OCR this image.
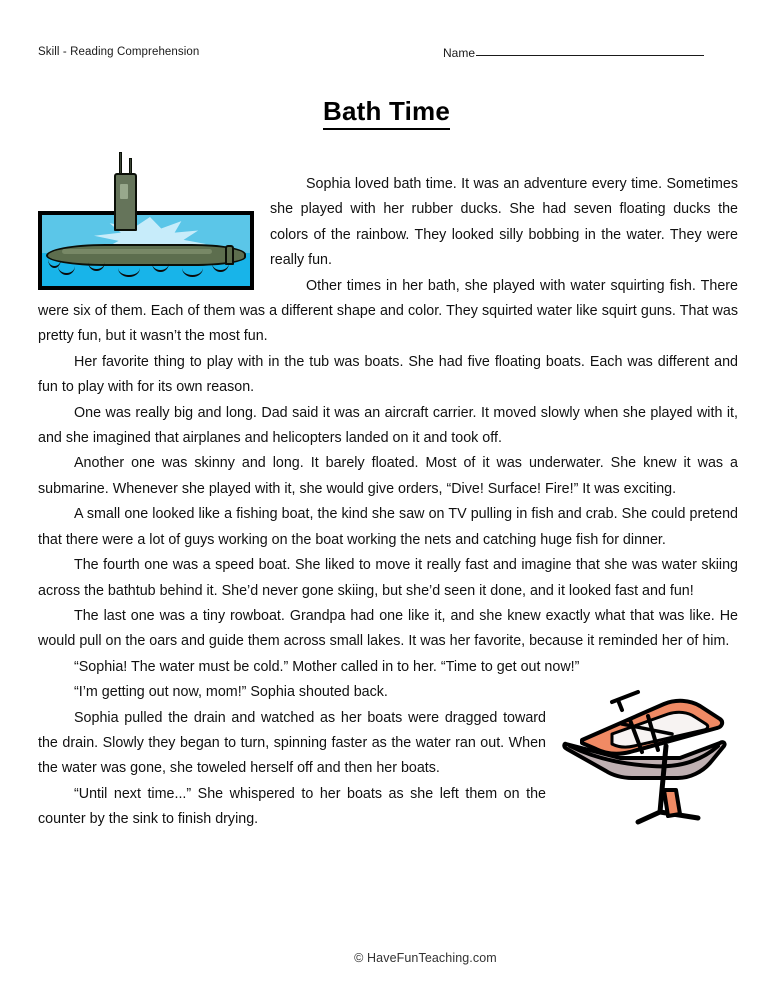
Skill - Reading Comprehension	Name
Bath Time

Sophia loved bath time. It was an adventure every time. Sometimes she played with her rubber ducks. She had seven floating ducks the colors of the rainbow. They looked silly bobbing in the water. They were really fun.

Other times in her bath, she played with water squirting fish. There were six of them. Each of them was a different shape and color. They squirted water like squirt guns. That was pretty fun, but it wasn’t the most fun.

Her favorite thing to play with in the tub was boats. She had five floating boats. Each was different and fun to play with for its own reason.

One was really big and long. Dad said it was an aircraft carrier. It moved slowly when she played with it, and she imagined that airplanes and helicopters landed on it and took off.

Another one was skinny and long. It barely floated. Most of it was underwater. She knew it was a submarine. Whenever she played with it, she would give orders, “Dive! Surface! Fire!” It was exciting.

A small one looked like a fishing boat, the kind she saw on TV pulling in fish and crab. She could pretend that there were a lot of guys working on the boat working the nets and catching huge fish for dinner.

The fourth one was a speed boat. She liked to move it really fast and imagine that she was water skiing across the bathtub behind it. She’d never gone skiing, but she’d seen it done, and it looked fast and fun!

The last one was a tiny rowboat. Grandpa had one like it, and she knew exactly what that was like. He would pull on the oars and guide them across small lakes. It was her favorite, because it reminded her of him.

“Sophia! The water must be cold.” Mother called in to her. “Time to get out now!”

“I’m getting out now, mom!” Sophia shouted back.

Sophia pulled the drain and watched as her boats were dragged toward the drain. Slowly they began to turn, spinning faster as the water ran out. When the water was gone, she toweled herself off and then her boats.

“Until next time...” She whispered to her boats as she left them on the counter by the sink to finish drying.

© HaveFunTeaching.com
